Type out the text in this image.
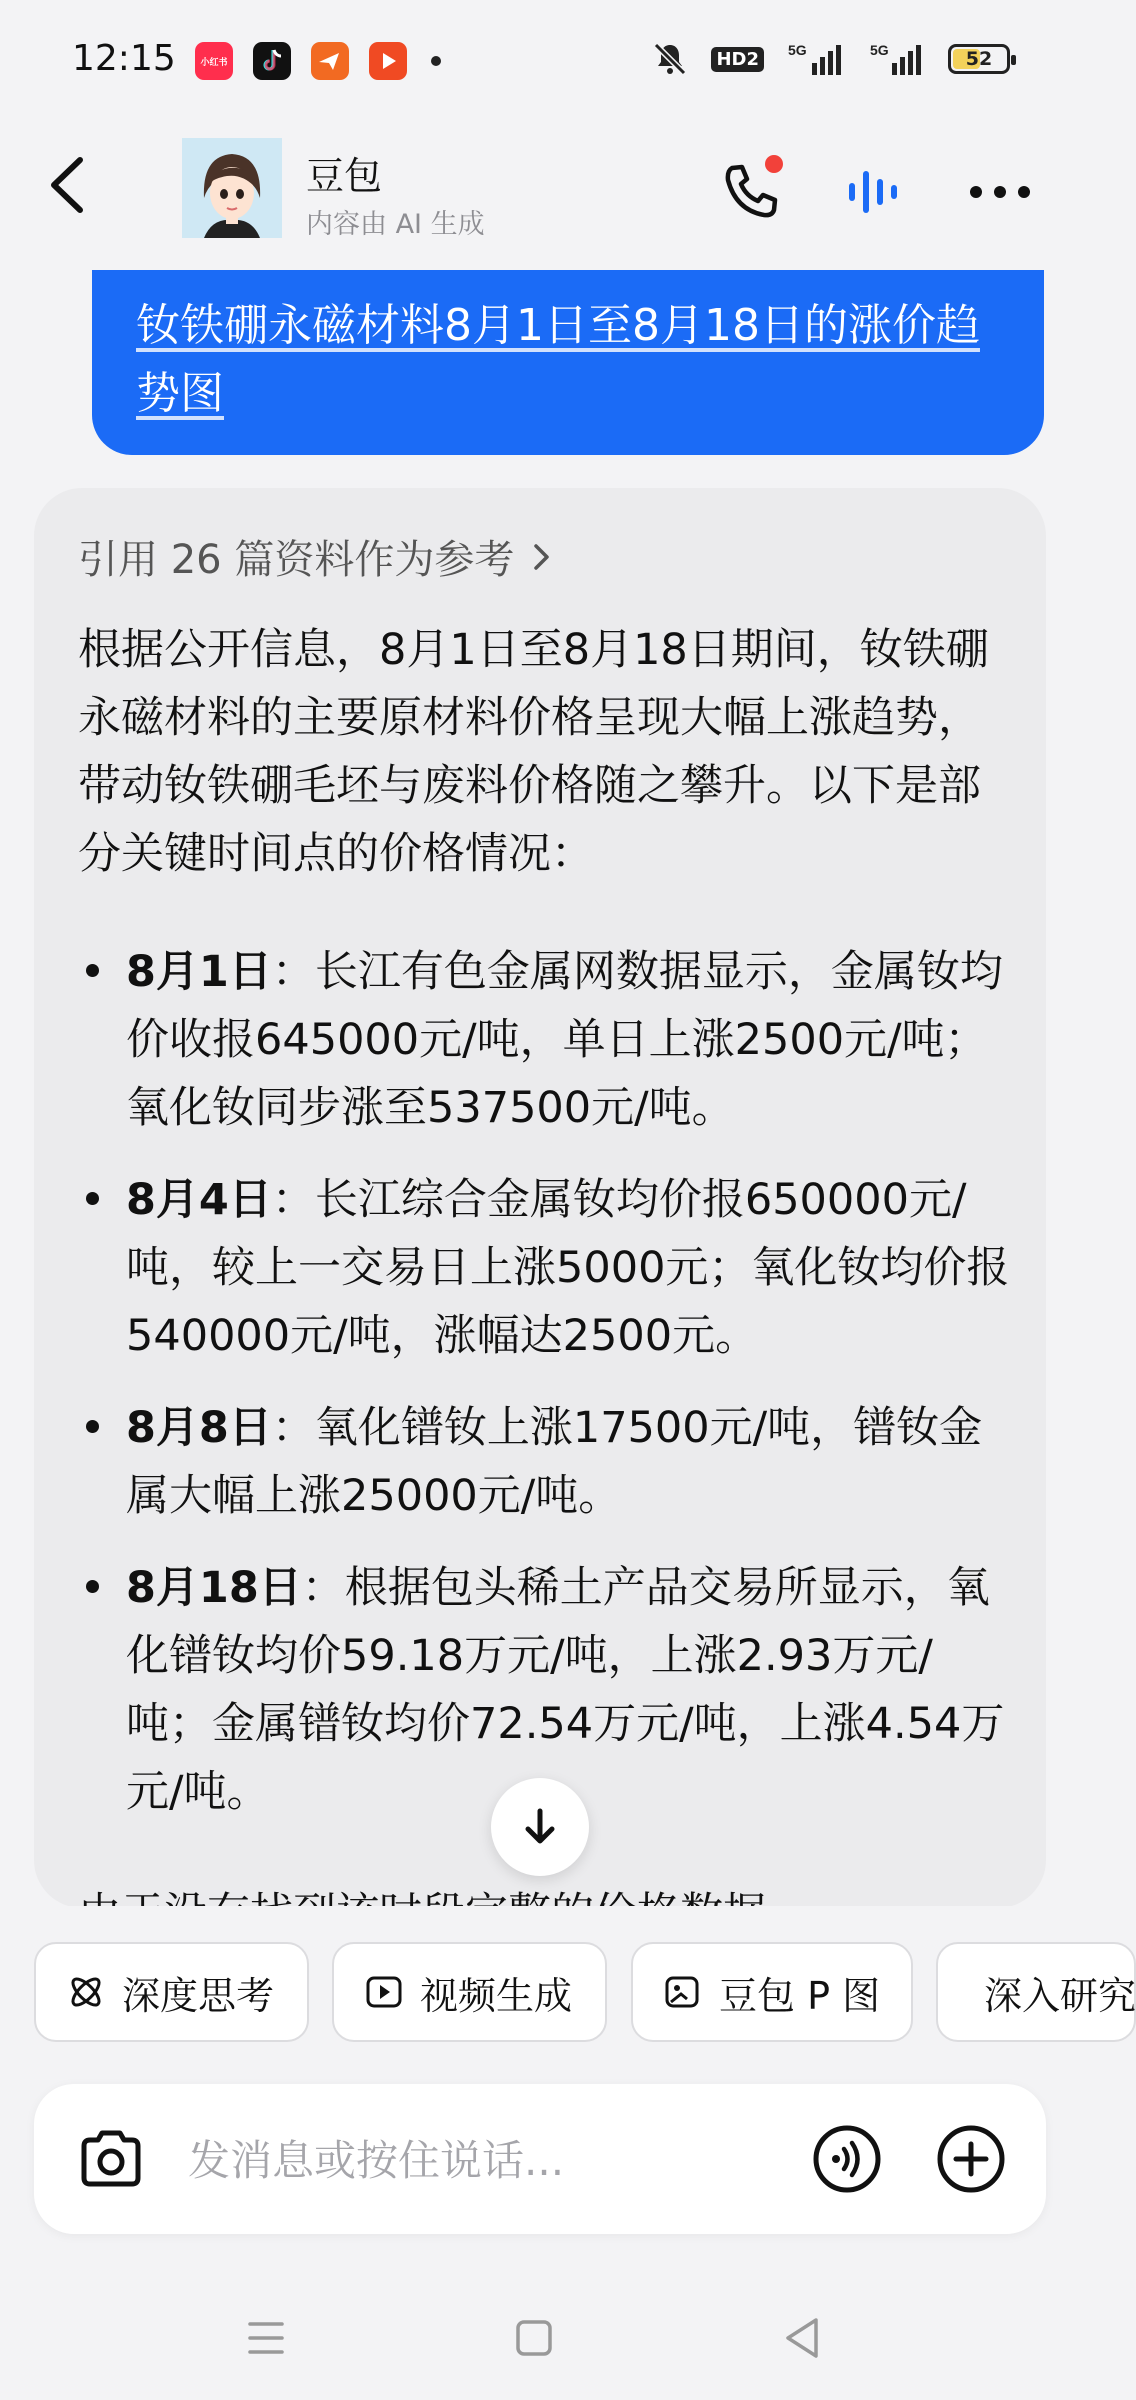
12:15	小红书	HD2	5G	5G	52
豆包
内容由 AI 生成
钕铁硼永磁材料8月1日至8月18日的涨价趋势图
引用 26 篇资料作为参考

根据公开信息，8月1日至8月18日期间，钕铁硼永磁材料的主要原材料价格呈现大幅上涨趋势，带动钕铁硼毛坯与废料价格随之攀升。以下是部分关键时间点的价格情况：

8月1日：长江有色金属网数据显示，金属钕均价收报645000元/吨，单日上涨2500元/吨；氧化钕同步涨至537500元/吨。
8月4日：长江综合金属钕均价报650000元/吨，较上一交易日上涨5000元；氧化钕均价报540000元/吨，涨幅达2500元。
8月8日：氧化镨钕上涨17500元/吨，镨钕金属大幅上涨25000元/吨。
8月18日：根据包头稀土产品交易所显示，氧化镨钕均价59.18万元/吨，上涨2.93万元/吨；金属镨钕均价72.54万元/吨，上涨4.54万元/吨。
深度思考	视频生成	豆包 P 图	深入研究
发消息或按住说话...
